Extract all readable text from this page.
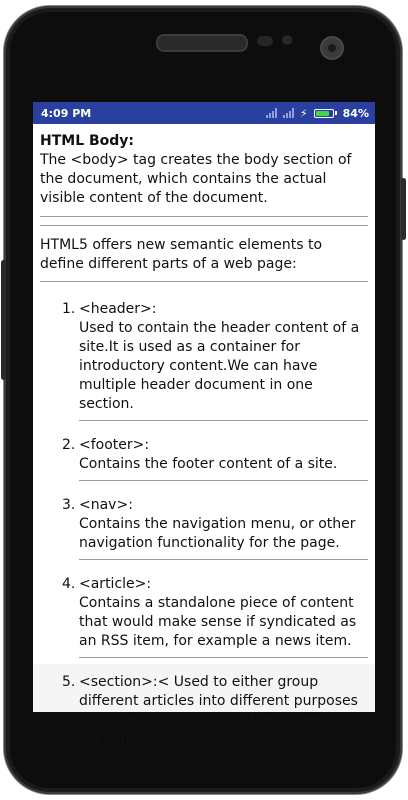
4:09 PM	⚡	84%
HTML Body:
The <body> tag creates the body section of the document, which contains the actual visible content of the document.
HTML5 offers new semantic elements to define different parts of a web page:
1. <header>:
Used to contain the header content of a site.It is used as a container for introductory content.We can have multiple header document in one section.
2. <footer>:
Contains the footer content of a site.
3. <nav>:
Contains the navigation menu, or other navigation functionality for the page.
4. <article>:
Contains a standalone piece of content that would make sense if syndicated as an RSS item, for example a news item.
5. <section>:< Used to either group different articles into different purposes or subjects, or to define the different sections of a
